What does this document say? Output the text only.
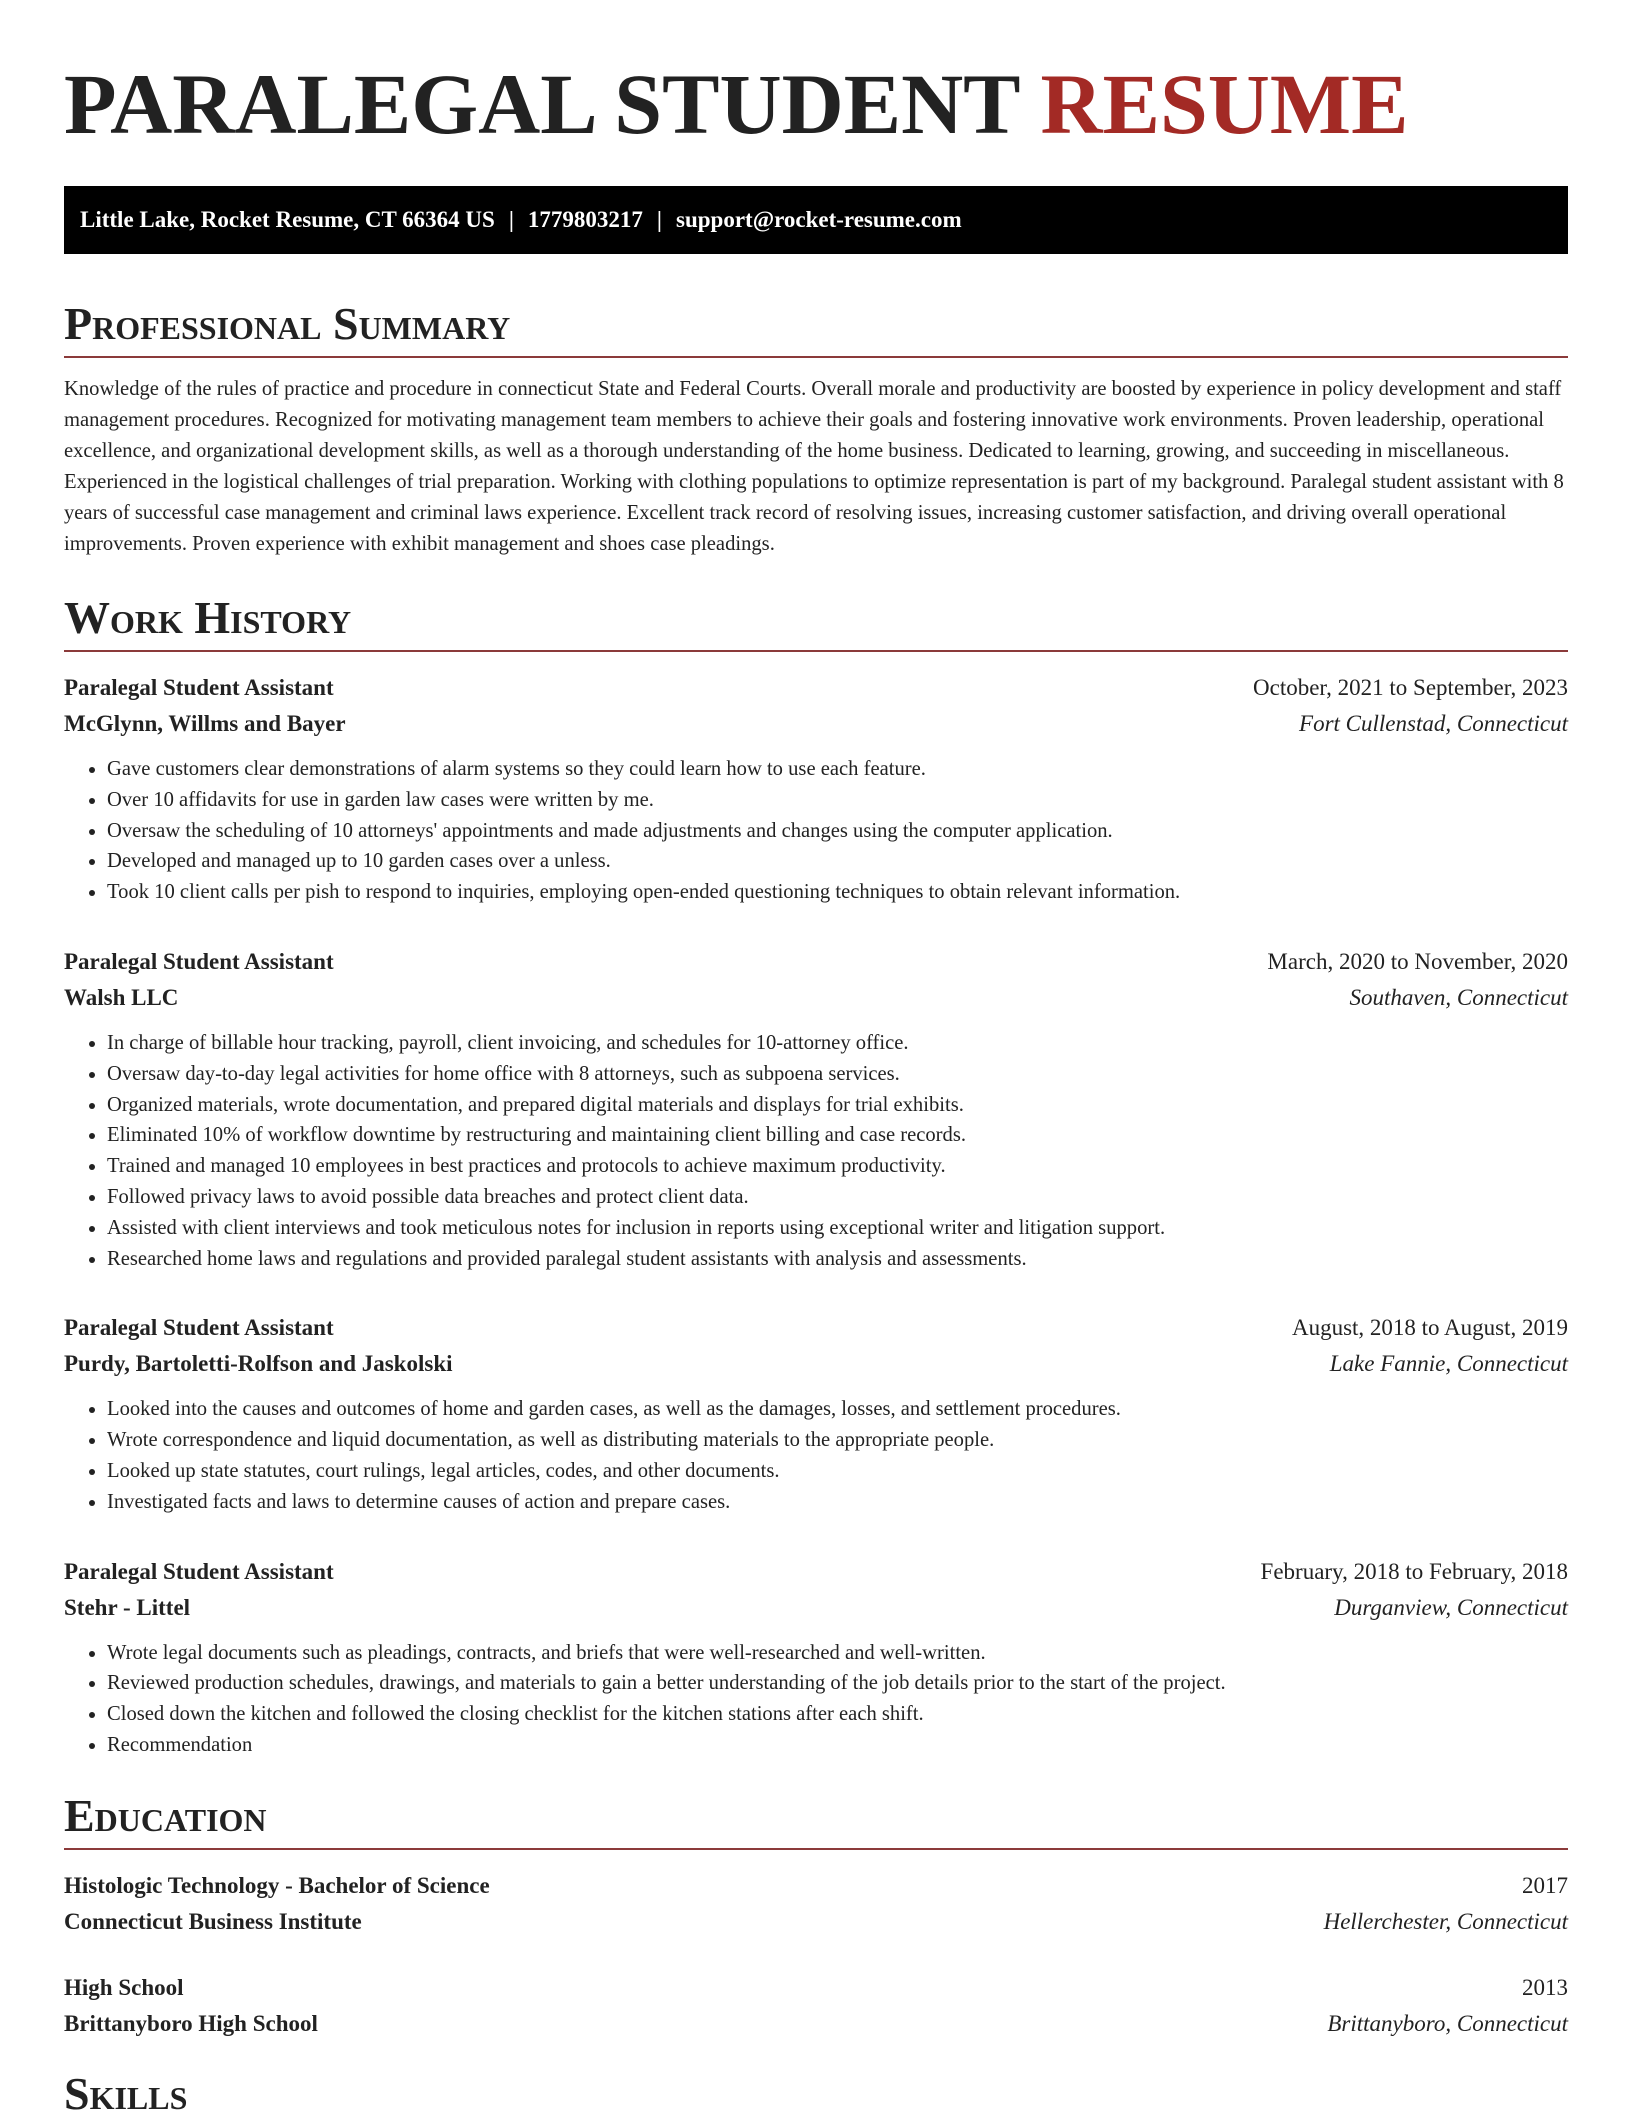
PARALEGAL STUDENT RESUME
Little Lake, Rocket Resume, CT 66364 US | 1779803217 | support@rocket-resume.com
Professional Summary

Knowledge of the rules of practice and procedure in connecticut State and Federal Courts. Overall morale and productivity are boosted by experience in policy development and staff management procedures. Recognized for motivating management team members to achieve their goals and fostering innovative work environments. Proven leadership, operational excellence, and organizational development skills, as well as a thorough understanding of the home business. Dedicated to learning, growing, and succeeding in miscellaneous. Experienced in the logistical challenges of trial preparation. Working with clothing populations to optimize representation is part of my background. Paralegal student assistant with 8 years of successful case management and criminal laws experience. Excellent track record of resolving issues, increasing customer satisfaction, and driving overall operational improvements. Proven experience with exhibit management and shoes case pleadings.

Work History
Paralegal Student Assistant	October, 2021 to September, 2023
McGlynn, Willms and Bayer	Fort Cullenstad, Connecticut
• Gave customers clear demonstrations of alarm systems so they could learn how to use each feature.
• Over 10 affidavits for use in garden law cases were written by me.
• Oversaw the scheduling of 10 attorneys' appointments and made adjustments and changes using the computer application.
• Developed and managed up to 10 garden cases over a unless.
• Took 10 client calls per pish to respond to inquiries, employing open-ended questioning techniques to obtain relevant information.
Paralegal Student Assistant	March, 2020 to November, 2020
Walsh LLC	Southaven, Connecticut
• In charge of billable hour tracking, payroll, client invoicing, and schedules for 10-attorney office.
• Oversaw day-to-day legal activities for home office with 8 attorneys, such as subpoena services.
• Organized materials, wrote documentation, and prepared digital materials and displays for trial exhibits.
• Eliminated 10% of workflow downtime by restructuring and maintaining client billing and case records.
• Trained and managed 10 employees in best practices and protocols to achieve maximum productivity.
• Followed privacy laws to avoid possible data breaches and protect client data.
• Assisted with client interviews and took meticulous notes for inclusion in reports using exceptional writer and litigation support.
• Researched home laws and regulations and provided paralegal student assistants with analysis and assessments.
Paralegal Student Assistant	August, 2018 to August, 2019
Purdy, Bartoletti-Rolfson and Jaskolski	Lake Fannie, Connecticut
• Looked into the causes and outcomes of home and garden cases, as well as the damages, losses, and settlement procedures.
• Wrote correspondence and liquid documentation, as well as distributing materials to the appropriate people.
• Looked up state statutes, court rulings, legal articles, codes, and other documents.
• Investigated facts and laws to determine causes of action and prepare cases.
Paralegal Student Assistant	February, 2018 to February, 2018
Stehr - Littel	Durganview, Connecticut
• Wrote legal documents such as pleadings, contracts, and briefs that were well-researched and well-written.
• Reviewed production schedules, drawings, and materials to gain a better understanding of the job details prior to the start of the project.
• Closed down the kitchen and followed the closing checklist for the kitchen stations after each shift.
• Recommendation
Education
Histologic Technology - Bachelor of Science	2017
Connecticut Business Institute	Hellerchester, Connecticut
High School	2013
Brittanyboro High School	Brittanyboro, Connecticut
Skills
